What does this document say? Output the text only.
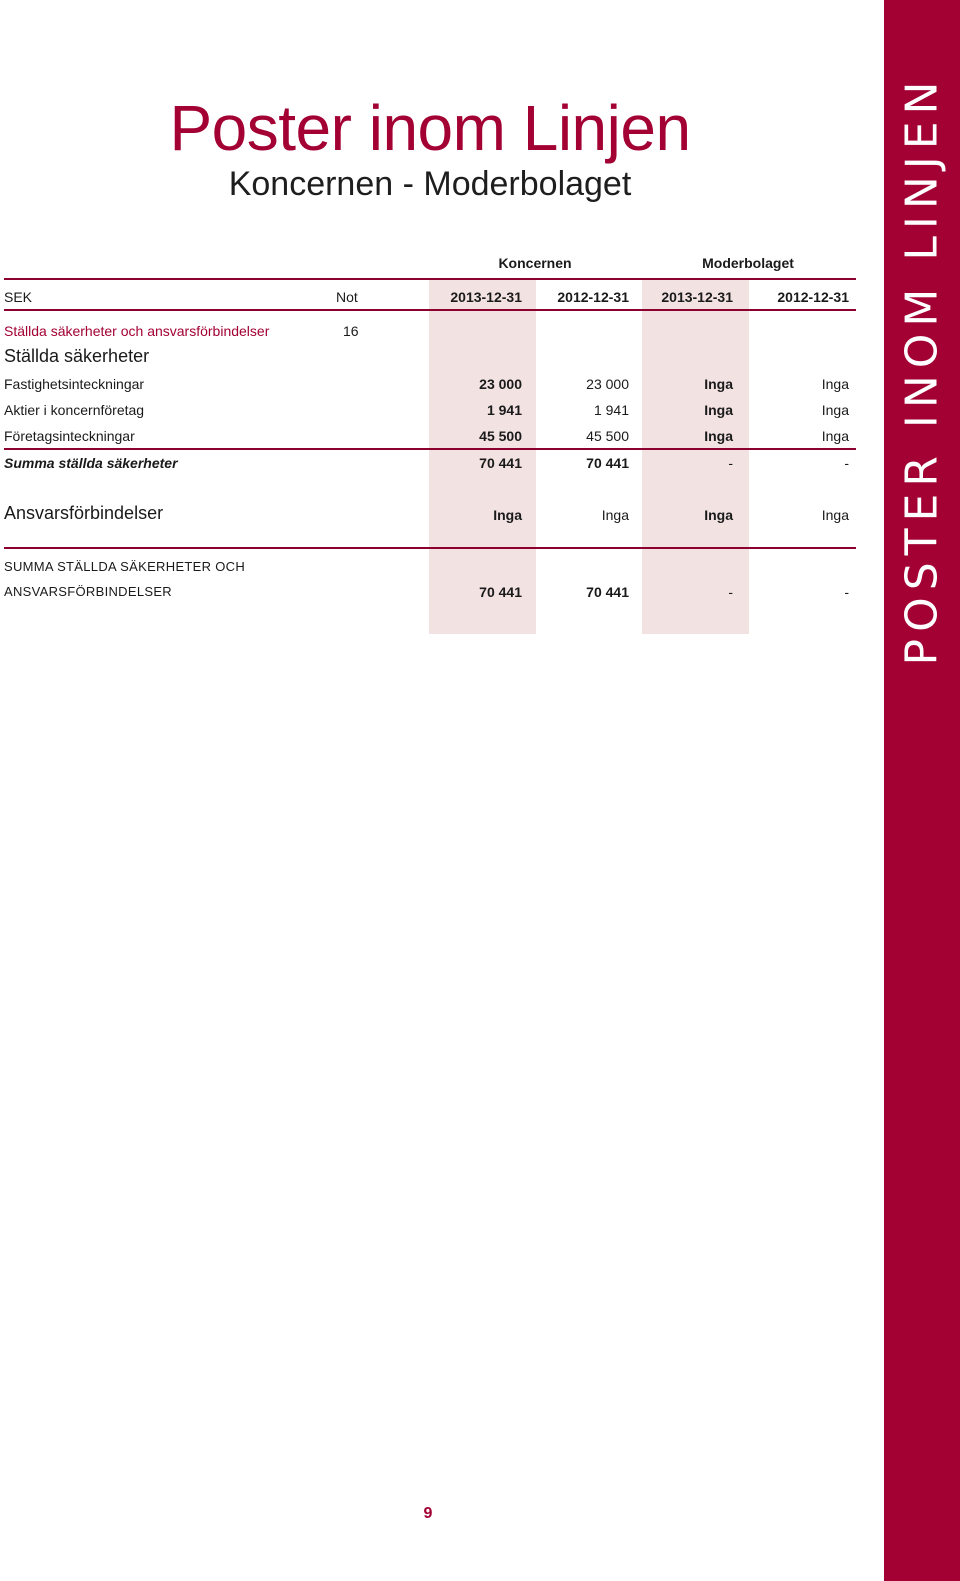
POSTER INOM LINJEN
Poster inom Linjen
Koncernen - Moderbolaget
Koncernen	Moderbolaget
SEK	Not	2013-12-31	2012-12-31 2013-12-31	2012-12-31
Ställda säkerheter och ansvarsförbindelser	16
Ställda säkerheter
Fastighetsinteckningar	23 000	23 000	Inga	Inga
Aktier i koncernföretag	1 941	1 941	Inga	Inga
Företagsinteckningar	45 500	45 500	Inga	Inga
Summa ställda säkerheter	70 441	70 441	-	-
Ansvarsförbindelser	Inga	Inga	Inga	Inga
SUMMA STÄLLDA SÄKERHETER OCH
ANSVARSFÖRBINDELSER	70 441	70 441	-	-
9
